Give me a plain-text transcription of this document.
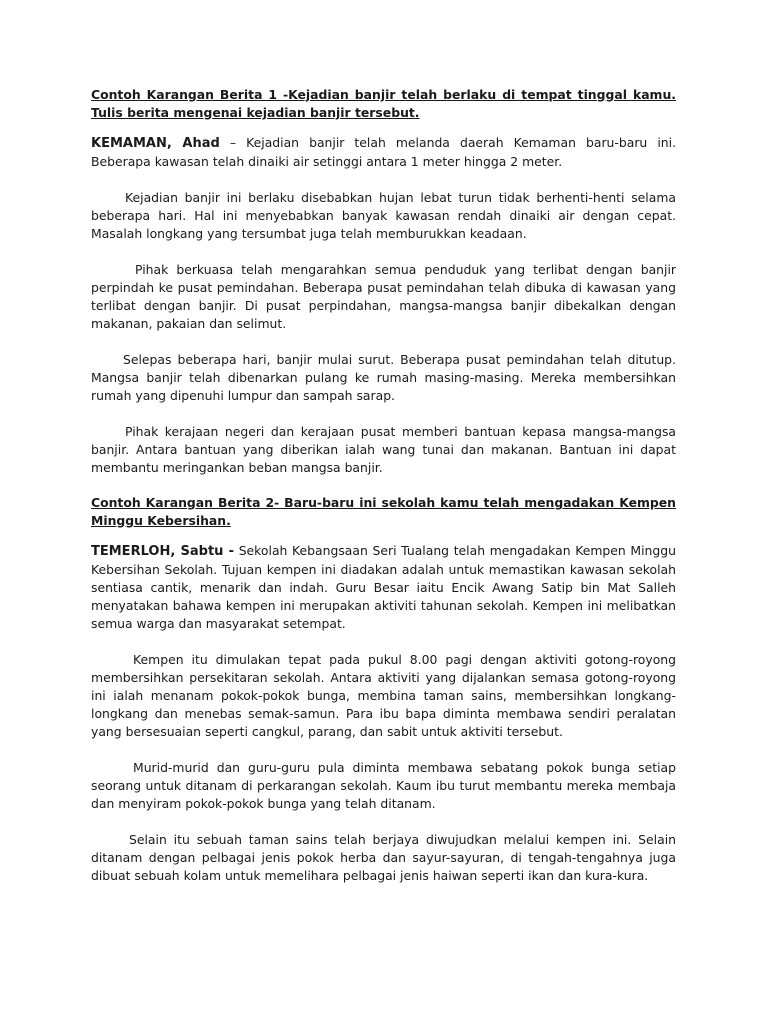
Contoh Karangan Berita 1 -Kejadian banjir telah berlaku di tempat tinggal kamu. Tulis berita mengenai kejadian banjir tersebut.

KEMAMAN, Ahad – Kejadian banjir telah melanda daerah Kemaman baru-baru ini. Beberapa kawasan telah dinaiki air setinggi antara 1 meter hingga 2 meter.

Kejadian banjir ini berlaku disebabkan hujan lebat turun tidak berhenti-henti selama beberapa hari. Hal ini menyebabkan banyak kawasan rendah dinaiki air dengan cepat. Masalah longkang yang tersumbat juga telah memburukkan keadaan.

Pihak berkuasa telah mengarahkan semua penduduk yang terlibat dengan banjir perpindah ke pusat pemindahan. Beberapa pusat pemindahan telah dibuka di kawasan yang terlibat dengan banjir. Di pusat perpindahan, mangsa-mangsa banjir dibekalkan dengan makanan, pakaian dan selimut.

Selepas beberapa hari, banjir mulai surut. Beberapa pusat pemindahan telah ditutup. Mangsa banjir telah dibenarkan pulang ke rumah masing-masing. Mereka membersihkan rumah yang dipenuhi lumpur dan sampah sarap.

Pihak kerajaan negeri dan kerajaan pusat memberi bantuan kepasa mangsa-mangsa banjir. Antara bantuan yang diberikan ialah wang tunai dan makanan. Bantuan ini dapat membantu meringankan beban mangsa banjir.

Contoh Karangan Berita 2- Baru-baru ini sekolah kamu telah mengadakan Kempen Minggu Kebersihan.

TEMERLOH, Sabtu - Sekolah Kebangsaan Seri Tualang telah mengadakan Kempen Minggu Kebersihan Sekolah. Tujuan kempen ini diadakan adalah untuk memastikan kawasan sekolah sentiasa cantik, menarik dan indah. Guru Besar iaitu Encik Awang Satip bin Mat Salleh menyatakan bahawa kempen ini merupakan aktiviti tahunan sekolah. Kempen ini melibatkan semua warga dan masyarakat setempat.

Kempen itu dimulakan tepat pada pukul 8.00 pagi dengan aktiviti gotong-royong membersihkan persekitaran sekolah. Antara aktiviti yang dijalankan semasa gotong-royong ini ialah menanam pokok-pokok bunga, membina taman sains, membersihkan longkang-longkang dan menebas semak-samun. Para ibu bapa diminta membawa sendiri peralatan yang bersesuaian seperti cangkul, parang, dan sabit untuk aktiviti tersebut.

Murid-murid dan guru-guru pula diminta membawa sebatang pokok bunga setiap seorang untuk ditanam di perkarangan sekolah. Kaum ibu turut membantu mereka membaja dan menyiram pokok-pokok bunga yang telah ditanam.

Selain itu sebuah taman sains telah berjaya diwujudkan melalui kempen ini. Selain ditanam dengan pelbagai jenis pokok herba dan sayur-sayuran, di tengah-tengahnya juga dibuat sebuah kolam untuk memelihara pelbagai jenis haiwan seperti ikan dan kura-kura.
